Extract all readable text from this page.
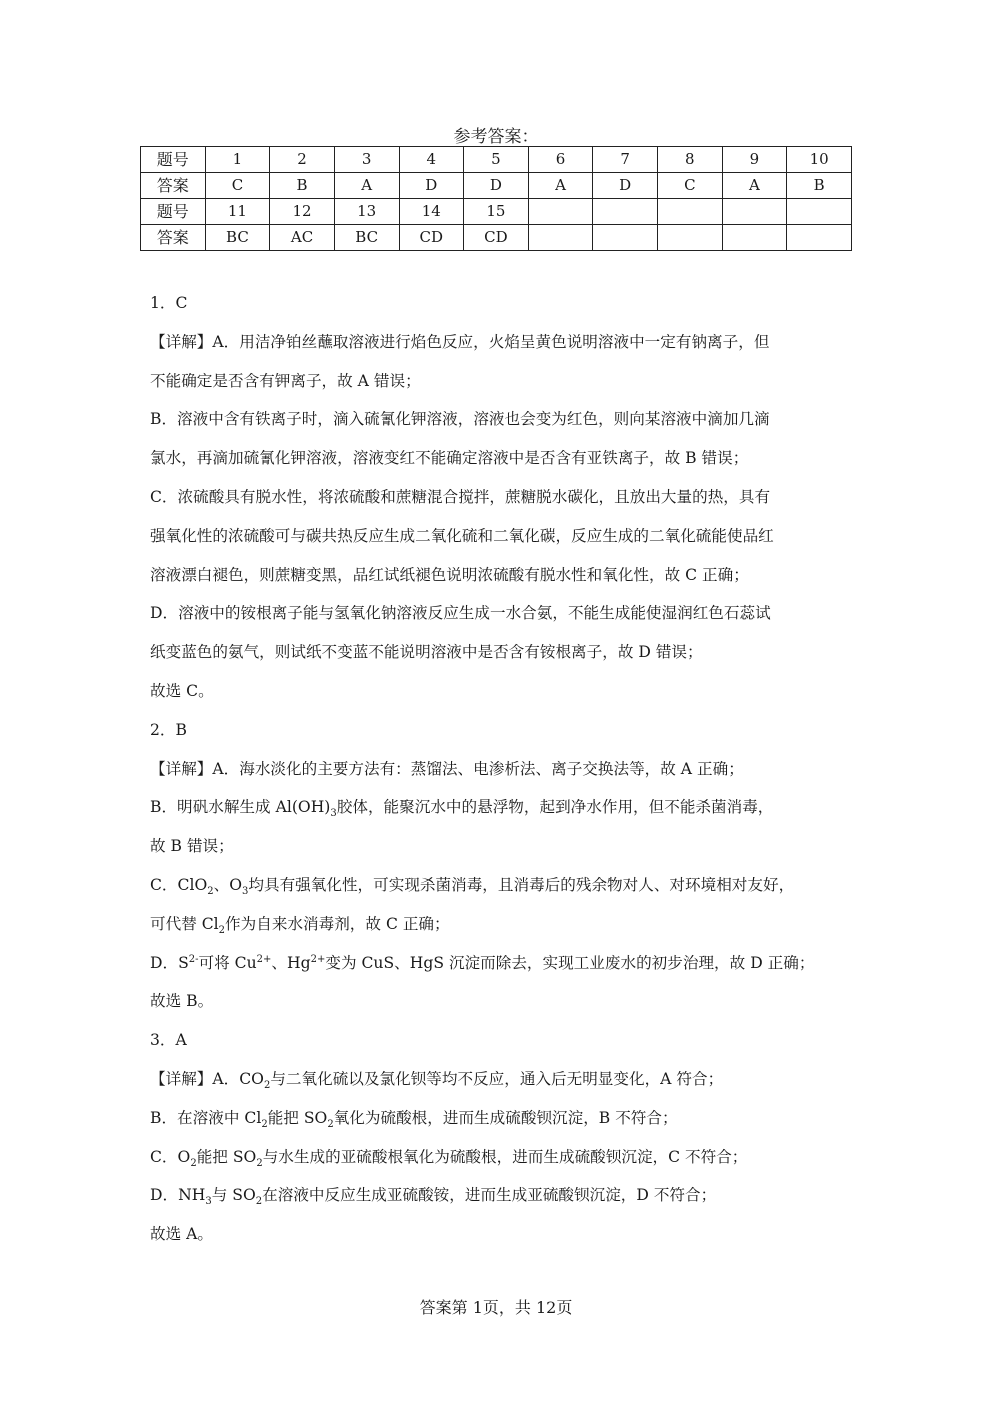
参考答案：
题号	1	2	3	4	5	6	7	8	9	10
答案	C	B	A	D	D	A	D	C	A	B
题号	11	12	13	14	15					
答案	BC	AC	BC	CD	CD					

1．C

【详解】A．用洁净铂丝蘸取溶液进行焰色反应，火焰呈黄色说明溶液中一定有钠离子，但

不能确定是否含有钾离子，故 A 错误；

B．溶液中含有铁离子时，滴入硫氰化钾溶液，溶液也会变为红色，则向某溶液中滴加几滴

氯水，再滴加硫氰化钾溶液，溶液变红不能确定溶液中是否含有亚铁离子，故 B 错误；

C．浓硫酸具有脱水性，将浓硫酸和蔗糖混合搅拌，蔗糖脱水碳化，且放出大量的热，具有

强氧化性的浓硫酸可与碳共热反应生成二氧化硫和二氧化碳，反应生成的二氧化硫能使品红

溶液漂白褪色，则蔗糖变黑，品红试纸褪色说明浓硫酸有脱水性和氧化性，故 C 正确；

D．溶液中的铵根离子能与氢氧化钠溶液反应生成一水合氨，不能生成能使湿润红色石蕊试

纸变蓝色的氨气，则试纸不变蓝不能说明溶液中是否含有铵根离子，故 D 错误；

故选 C。

2．B

【详解】A．海水淡化的主要方法有：蒸馏法、电渗析法、离子交换法等，故 A 正确；

B．明矾水解生成 $Al(OH)_3$胶体，能聚沉水中的悬浮物，起到净水作用，但不能杀菌消毒，

故 B 错误；

C．ClO$_2$、$O_3$均具有强氧化性，可实现杀菌消毒，且消毒后的残余物对人、对环境相对友好，

可代替 $Cl_2$作为自来水消毒剂，故 C 正确；

D．$S^{2-}$可将 $Cu^{2+}$、$Hg^{2+}$变为 CuS、HgS 沉淀而除去，实现工业废水的初步治理，故 D 正确；

故选 B。

3．A

【详解】A．$CO_2$与二氧化硫以及氯化钡等均不反应，通入后无明显变化，A 符合；

B．在溶液中 $Cl_2$能把 $SO_2$氧化为硫酸根，进而生成硫酸钡沉淀，B 不符合；

C．$O_2$能把 $SO_2$与水生成的亚硫酸根氧化为硫酸根，进而生成硫酸钡沉淀，C 不符合；

D．$NH_3$与 $SO_2$在溶液中反应生成亚硫酸铵，进而生成亚硫酸钡沉淀，D 不符合；

故选 A。

答案第 1页，共 12页
